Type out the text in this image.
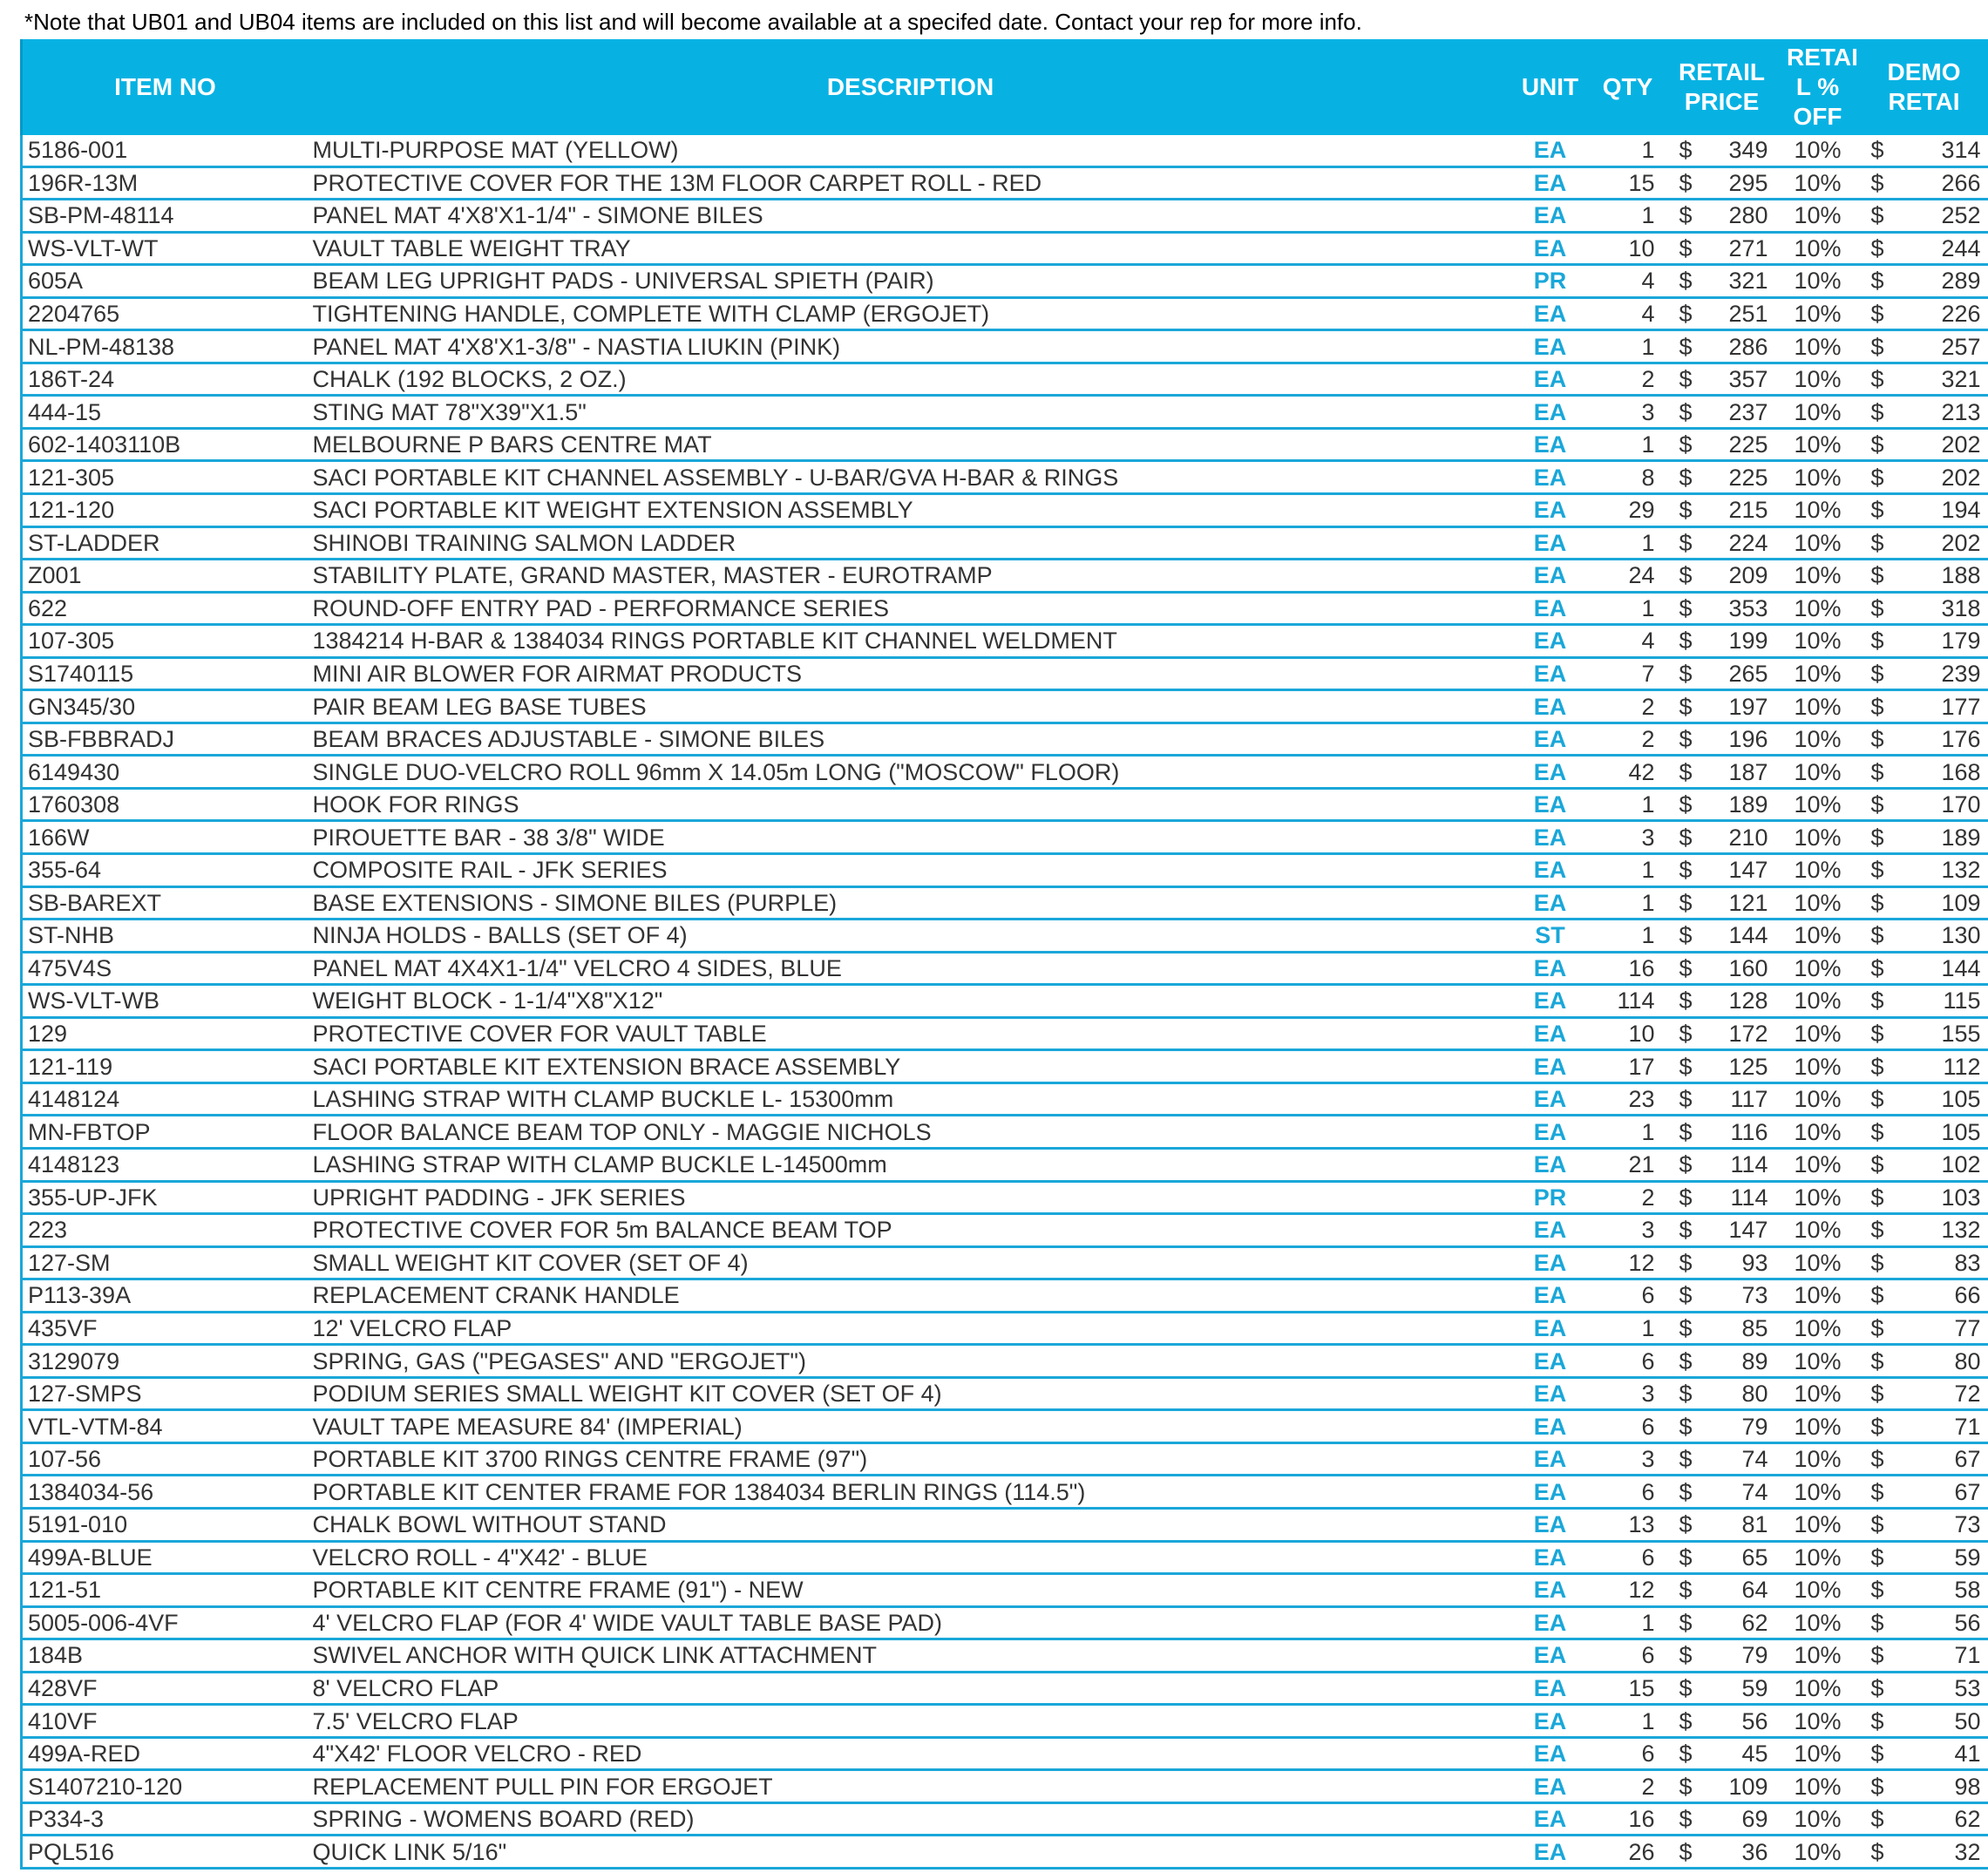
*Note that UB01 and UB04 items are included on this list and will become available at a specifed date. Contact your rep for more info.
ITEM NO	DESCRIPTION	UNIT	QTY	RETAIL PRICE		RETAI L % OFF	DEMO RETAI	
5186-001	MULTI-PURPOSE MAT (YELLOW)	EA	1	$	349	10%	$	314
196R-13M	PROTECTIVE COVER FOR THE 13M FLOOR CARPET ROLL - RED	EA	15	$	295	10%	$	266
SB-PM-48114	PANEL MAT 4'X8'X1-1/4" - SIMONE BILES	EA	1	$	280	10%	$	252
WS-VLT-WT	VAULT TABLE WEIGHT TRAY	EA	10	$	271	10%	$	244
605A	BEAM LEG UPRIGHT PADS - UNIVERSAL SPIETH (PAIR)	PR	4	$	321	10%	$	289
2204765	TIGHTENING HANDLE, COMPLETE WITH CLAMP (ERGOJET)	EA	4	$	251	10%	$	226
NL-PM-48138	PANEL MAT 4'X8'X1-3/8" - NASTIA LIUKIN (PINK)	EA	1	$	286	10%	$	257
186T-24	CHALK (192 BLOCKS, 2 OZ.)	EA	2	$	357	10%	$	321
444-15	STING MAT 78"X39"X1.5"	EA	3	$	237	10%	$	213
602-1403110B	MELBOURNE P BARS CENTRE MAT	EA	1	$	225	10%	$	202
121-305	SACI PORTABLE KIT CHANNEL ASSEMBLY - U-BAR/GVA H-BAR & RINGS	EA	8	$	225	10%	$	202
121-120	SACI PORTABLE KIT WEIGHT EXTENSION ASSEMBLY	EA	29	$	215	10%	$	194
ST-LADDER	SHINOBI TRAINING SALMON LADDER	EA	1	$	224	10%	$	202
Z001	STABILITY PLATE, GRAND MASTER, MASTER - EUROTRAMP	EA	24	$	209	10%	$	188
622	ROUND-OFF ENTRY PAD - PERFORMANCE SERIES	EA	1	$	353	10%	$	318
107-305	1384214 H-BAR & 1384034 RINGS PORTABLE KIT CHANNEL WELDMENT	EA	4	$	199	10%	$	179
S1740115	MINI AIR BLOWER FOR AIRMAT PRODUCTS	EA	7	$	265	10%	$	239
GN345/30	PAIR BEAM LEG BASE TUBES	EA	2	$	197	10%	$	177
SB-FBBRADJ	BEAM BRACES ADJUSTABLE - SIMONE BILES	EA	2	$	196	10%	$	176
6149430	SINGLE DUO-VELCRO ROLL 96mm X 14.05m LONG ("MOSCOW" FLOOR)	EA	42	$	187	10%	$	168
1760308	HOOK FOR RINGS	EA	1	$	189	10%	$	170
166W	PIROUETTE BAR - 38 3/8" WIDE	EA	3	$	210	10%	$	189
355-64	COMPOSITE RAIL - JFK SERIES	EA	1	$	147	10%	$	132
SB-BAREXT	BASE EXTENSIONS - SIMONE BILES (PURPLE)	EA	1	$	121	10%	$	109
ST-NHB	NINJA HOLDS - BALLS (SET OF 4)	ST	1	$	144	10%	$	130
475V4S	PANEL MAT 4X4X1-1/4" VELCRO 4 SIDES, BLUE	EA	16	$	160	10%	$	144
WS-VLT-WB	WEIGHT BLOCK - 1-1/4"X8"X12"	EA	114	$	128	10%	$	115
129	PROTECTIVE COVER FOR VAULT TABLE	EA	10	$	172	10%	$	155
121-119	SACI PORTABLE KIT EXTENSION BRACE ASSEMBLY	EA	17	$	125	10%	$	112
4148124	LASHING STRAP WITH CLAMP BUCKLE L- 15300mm	EA	23	$	117	10%	$	105
MN-FBTOP	FLOOR BALANCE BEAM TOP ONLY - MAGGIE NICHOLS	EA	1	$	116	10%	$	105
4148123	LASHING STRAP WITH CLAMP BUCKLE L-14500mm	EA	21	$	114	10%	$	102
355-UP-JFK	UPRIGHT PADDING - JFK SERIES	PR	2	$	114	10%	$	103
223	PROTECTIVE COVER FOR 5m BALANCE BEAM TOP	EA	3	$	147	10%	$	132
127-SM	SMALL WEIGHT KIT COVER (SET OF 4)	EA	12	$	93	10%	$	83
P113-39A	REPLACEMENT CRANK HANDLE	EA	6	$	73	10%	$	66
435VF	12' VELCRO FLAP	EA	1	$	85	10%	$	77
3129079	SPRING, GAS ("PEGASES" AND "ERGOJET")	EA	6	$	89	10%	$	80
127-SMPS	PODIUM SERIES SMALL WEIGHT KIT COVER (SET OF 4)	EA	3	$	80	10%	$	72
VTL-VTM-84	VAULT TAPE MEASURE 84' (IMPERIAL)	EA	6	$	79	10%	$	71
107-56	PORTABLE KIT 3700 RINGS CENTRE FRAME (97")	EA	3	$	74	10%	$	67
1384034-56	PORTABLE KIT CENTER FRAME FOR 1384034 BERLIN RINGS (114.5")	EA	6	$	74	10%	$	67
5191-010	CHALK BOWL WITHOUT STAND	EA	13	$	81	10%	$	73
499A-BLUE	VELCRO ROLL - 4"X42' - BLUE	EA	6	$	65	10%	$	59
121-51	PORTABLE KIT CENTRE FRAME (91") - NEW	EA	12	$	64	10%	$	58
5005-006-4VF	4' VELCRO FLAP (FOR 4' WIDE VAULT TABLE BASE PAD)	EA	1	$	62	10%	$	56
184B	SWIVEL ANCHOR WITH QUICK LINK ATTACHMENT	EA	6	$	79	10%	$	71
428VF	8' VELCRO FLAP	EA	15	$	59	10%	$	53
410VF	7.5' VELCRO FLAP	EA	1	$	56	10%	$	50
499A-RED	4"X42' FLOOR VELCRO - RED	EA	6	$	45	10%	$	41
S1407210-120	REPLACEMENT PULL PIN FOR ERGOJET	EA	2	$	109	10%	$	98
P334-3	SPRING - WOMENS BOARD (RED)	EA	16	$	69	10%	$	62
PQL516	QUICK LINK 5/16"	EA	26	$	36	10%	$	32
